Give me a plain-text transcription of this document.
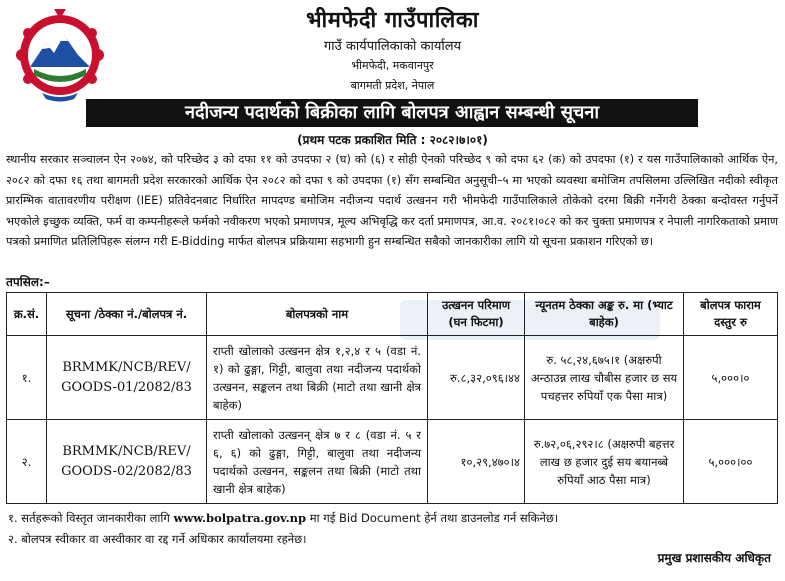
भीमफेदी गाउँपालिका
गाउँ कार्यपालिकाको कार्यालय
भीमफेदी, मकवानपुर
बागमती प्रदेश, नेपाल
नदीजन्य पदार्थको बिक्रीका लागि बोलपत्र आह्वान सम्बन्धी सूचना
(प्रथम पटक प्रकाशित मिति : २०८२।७।०१)
स्थानीय सरकार सञ्चालन ऐन २०७४, को परिच्छेद ३ को दफा ११ को उपदफा २ (घ) को (६) र सोही ऐनको परिच्छेद ९ को दफा ६२ (क) को उपदफा (१) र यस गाउँपालिकाको आर्थिक ऐन, २०८२ को दफा १६ तथा बागमती प्रदेश सरकारको आर्थिक ऐन २०८२ को दफा ९ को उपदफा (१) सँग सम्बन्धित अनुसूची–५ मा भएको व्यवस्था बमोजिम तपसिलमा उल्लिखित नदीको स्वीकृत प्रारम्भिक वातावरणीय परीक्षण (IEE) प्रतिवेदनबाट निर्धारित मापदण्ड बमोजिम नदीजन्य पदार्थ उत्खनन गरी भीमफेदी गाउँपालिकाले तोकेको दरमा बिक्री गर्नेगरी ठेक्का बन्दोवस्त गर्नुपर्ने भएकोले इच्छुक व्यक्ति, फर्म वा कम्पनीहरूले फर्मको नवीकरण भएको प्रमाणपत्र, मूल्य अभिवृद्धि कर दर्ता प्रमाणपत्र, आ.व. २०८१।०८२ को कर चुक्ता प्रमाणपत्र र नेपाली नागरिकताको प्रमाण पत्रको प्रमाणित प्रतिलिपिहरू संलग्न गरी E-Bidding मार्फत बोलपत्र प्रक्रियामा सहभागी हुन सम्बन्धित सबैको जानकारीका लागि यो सूचना प्रकाशन गरिएको छ।
तपसिल:–
क्र.सं.	सूचना /ठेक्का नं./बोलपत्र नं.	बोलपत्रको नाम	उत्खनन परिमाण (घन फिटमा)	न्यूनतम ठेक्का अङ्क रु. मा (भ्याट बाहेक)	बोलपत्र फाराम दस्तुर रु
१.	BRMMK/NCB/REV/ GOODS-01/2082/83	राप्ती खोलाको उत्खनन क्षेत्र १,२,४ र ५ (वडा नं. १) को ढुङ्गा, गिट्टी, बालुवा तथा नदीजन्य पदार्थको उत्खनन, सङ्कलन तथा बिक्री (माटो तथा खानी क्षेत्र बाहेक)	रु.८,३२,०९६।४४	रु. ५८,२४,६७५।१ (अक्षरुपी अन्ठाउन्न लाख चौबीस हजार छ सय पचहत्तर रुपियाँ एक पैसा मात्र)	५,०००।०
२.	BRMMK/NCB/REV/ GOODS-02/2082/83	राप्ती खोलाको उत्खनन् क्षेत्र ७ र ८ (वडा नं. ५ र ६, ६) को ढुङ्गा, गिट्टी, बालुवा तथा नदीजन्य पदार्थको उत्खनन, सङ्कलन तथा बिक्री (माटो तथा खानी क्षेत्र बाहेक)	१०,२९,४७०।४	रु.७२,०६,२९२।८ (अक्षरुपी बहत्तर लाख छ हजार दुई सय बयानब्बे रुपियाँ आठ पैसा मात्र)	५,०००।००
१. सर्तहरूको विस्तृत जानकारीका लागि www.bolpatra.gov.np मा गई Bid Document हेर्न तथा डाउनलोड गर्न सकिनेछ।
२. बोलपत्र स्वीकार वा अस्वीकार वा रद्द गर्ने अधिकार कार्यालयमा रहनेछ।
प्रमुख प्रशासकीय अधिकृत
